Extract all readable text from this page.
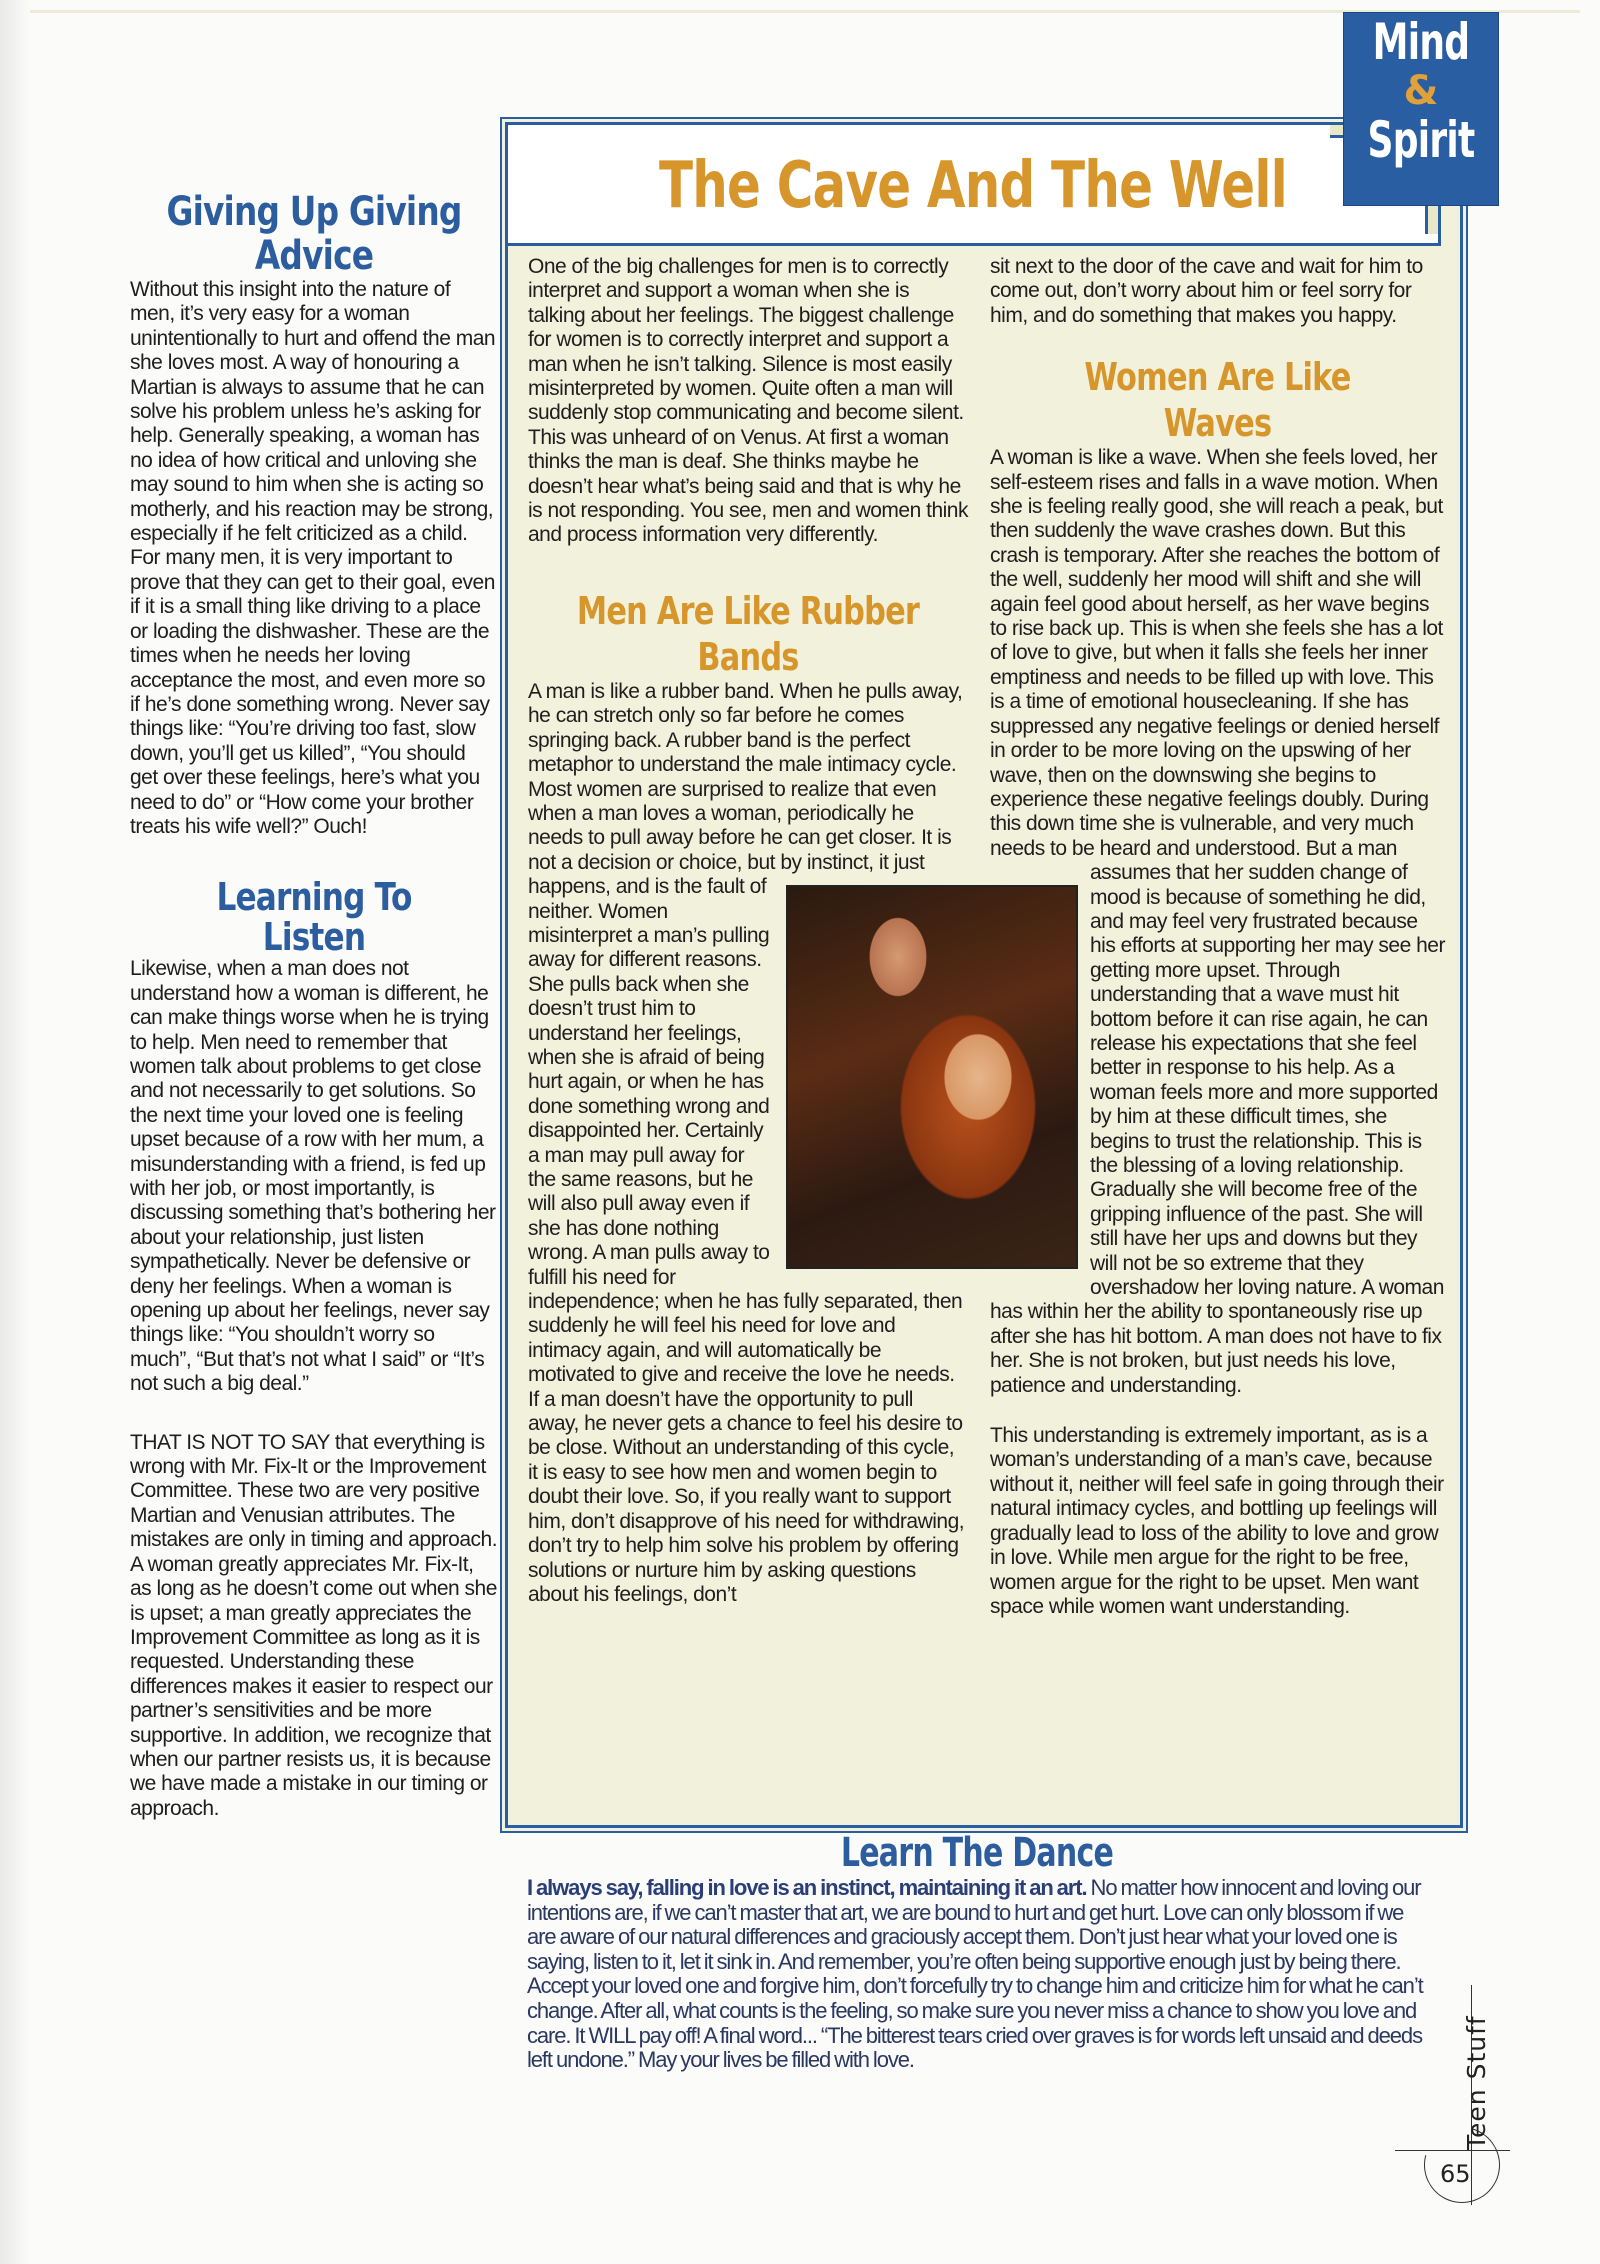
Giving Up Giving Advice

Without this insight into the nature of men, it’s very easy for a woman unintentionally to hurt and offend the man she loves most. A way of honouring a Martian is always to assume that he can solve his problem unless he’s asking for help. Generally speaking, a woman has no idea of how critical and unloving she may sound to him when she is acting so motherly, and his reaction may be strong, especially if he felt criticized as a child. For many men, it is very important to prove that they can get to their goal, even if it is a small thing like driving to a place or loading the dishwasher. These are the times when he needs her loving acceptance the most, and even more so if he’s done something wrong. Never say things like: “You’re driving too fast, slow down, you’ll get us killed”, “You should get over these feelings, here’s what you need to do” or “How come your brother treats his wife well?” Ouch!

Learning To Listen

Likewise, when a man does not understand how a woman is different, he can make things worse when he is trying to help. Men need to remember that women talk about problems to get close and not necessarily to get solutions. So the next time your loved one is feeling upset because of a row with her mum, a misunderstanding with a friend, is fed up with her job, or most importantly, is discussing something that’s bothering her about your relationship, just listen sympathetically. Never be defensive or deny her feelings. When a woman is opening up about her feelings, never say things like: “You shouldn’t worry so much”, “But that’s not what I said” or “It’s not such a big deal.”

THAT IS NOT TO SAY that everything is wrong with Mr. Fix-It or the Improvement Committee. These two are very positive Martian and Venusian attributes. The mistakes are only in timing and approach. A woman greatly appreciates Mr. Fix-It, as long as he doesn’t come out when she is upset; a man greatly appreciates the Improvement Committee as long as it is requested. Understanding these differences makes it easier to respect our partner’s sensitivities and be more supportive. In addition, we recognize that when our partner resists us, it is because we have made a mistake in our timing or approach.

The Cave And The Well

One of the big challenges for men is to correctly interpret and support a woman when she is talking about her feelings. The biggest challenge for women is to correctly interpret and support a man when he isn’t talking. Silence is most easily misinterpreted by women. Quite often a man will suddenly stop communicating and become silent. This was unheard of on Venus. At first a woman thinks the man is deaf. She thinks maybe he doesn’t hear what’s being said and that is why he is not responding. You see, men and women think and process information very differently.

Men Are Like Rubber Bands

A man is like a rubber band. When he pulls away, he can stretch only so far before he comes springing back. A rubber band is the perfect metaphor to understand the male intimacy cycle. Most women are surprised to realize that even when a man loves a woman, periodically he needs to pull away before he can get closer. It is not a decision or choice, but by instinct, it just happens, and is the fault of neither. Women misinterpret a man’s pulling away for different reasons. She pulls back when she doesn’t trust him to understand her feelings, when she is afraid of being hurt again, or when he has done something wrong and disappointed her. Certainly a man may pull away for the same reasons, but he will also pull away even if she has done nothing wrong. A man pulls away to fulfill his need for independence; when he has fully separated, then suddenly he will feel his need for love and intimacy again, and will automatically be motivated to give and receive the love he needs. If a man doesn’t have the opportunity to pull away, he never gets a chance to feel his desire to be close. Without an understanding of this cycle, it is easy to see how men and women begin to doubt their love. So, if you really want to support him, don’t disapprove of his need for withdrawing, don’t try to help him solve his problem by offering solutions or nurture him by asking questions about his feelings, don’t

sit next to the door of the cave and wait for him to come out, don’t worry about him or feel sorry for him, and do something that makes you happy.

Women Are Like Waves

A woman is like a wave. When she feels loved, her self-esteem rises and falls in a wave motion. When she is feeling really good, she will reach a peak, but then suddenly the wave crashes down. But this crash is temporary. After she reaches the bottom of the well, suddenly her mood will shift and she will again feel good about herself, as her wave begins to rise back up. This is when she feels she has a lot of love to give, but when it falls she feels her inner emptiness and needs to be filled up with love. This is a time of emotional housecleaning. If she has suppressed any negative feelings or denied herself in order to be more loving on the upswing of her wave, then on the downswing she begins to experience these negative feelings doubly. During this down time she is vulnerable, and very much needs to be heard and understood. But a man assumes that her sudden change of mood is because of something he did, and may feel very frustrated because his efforts at supporting her may see her getting more upset. Through understanding that a wave must hit bottom before it can rise again, he can release his expectations that she feel better in response to his help. As a woman feels more and more supported by him at these difficult times, she begins to trust the relationship. This is the blessing of a loving relationship. Gradually she will become free of the gripping influence of the past. She will still have her ups and downs but they will not be so extreme that they overshadow her loving nature. A woman has within her the ability to spontaneously rise up after she has hit bottom. A man does not have to fix her. She is not broken, but just needs his love, patience and understanding.

This understanding is extremely important, as is a woman’s understanding of a man’s cave, because without it, neither will feel safe in going through their natural intimacy cycles, and bottling up feelings will gradually lead to loss of the ability to love and grow in love. While men argue for the right to be free, women argue for the right to be upset. Men want space while women want understanding.

Mind
&
Spirit
Learn The Dance
I always say, falling in love is an instinct, maintaining it an art. No matter how innocent and loving our intentions are, if we can’t master that art, we are bound to hurt and get hurt. Love can only blossom if we are aware of our natural differences and graciously accept them. Don’t just hear what your loved one is saying, listen to it, let it sink in. And remember, you’re often being supportive enough just by being there. Accept your loved one and forgive him, don’t forcefully try to change him and criticize him for what he can’t change. After all, what counts is the feeling, so make sure you never miss a chance to show you love and care. It WILL pay off! A final word... “The bitterest tears cried over graves is for words left unsaid and deeds left undone.” May your lives be filled with love.	Teen Stuff
65
